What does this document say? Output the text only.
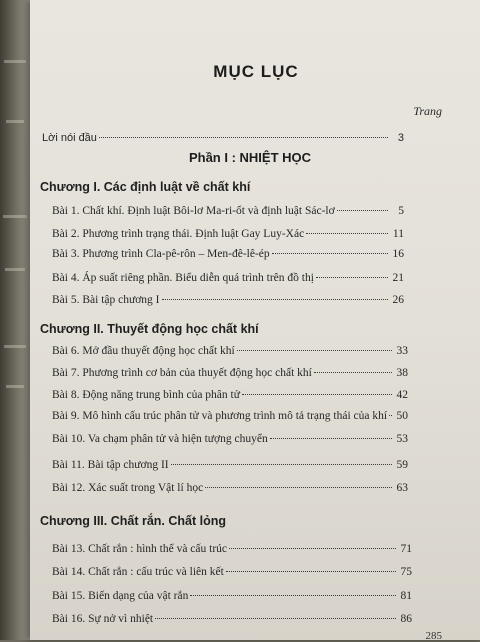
MỤC LỤC
Trang
Lời nói đầu	3
Phần I : NHIỆT HỌC
Chương I. Các định luật về chất khí
Bài 1. Chất khí. Định luật Bôi-lơ Ma-ri-ốt và định luật Sác-lơ	5
Bài 2. Phương trình trạng thái. Định luật Gay Luy-Xác	11
Bài 3. Phương trình Cla-pê-rôn – Men-đê-lê-ép	16
Bài 4. Áp suất riêng phần. Biểu diễn quá trình trên đồ thị	21
Bài 5. Bài tập chương I	26
Chương II. Thuyết động học chất khí
Bài 6. Mở đầu thuyết động học chất khí	33
Bài 7. Phương trình cơ bản của thuyết động học chất khí	38
Bài 8. Động năng trung bình của phân tử	42
Bài 9. Mô hình cấu trúc phân tử và phương trình mô tả trạng thái của khí 50
Bài 10. Va chạm phân tử và hiện tượng chuyển	53
Bài 11. Bài tập chương II	59
Bài 12. Xác suất trong Vật lí học	63
Chương III. Chất rắn. Chất lỏng
Bài 13. Chất rắn : hình thể và cấu trúc	71
Bài 14. Chất rắn : cấu trúc và liên kết	75
Bài 15. Biến dạng của vật rắn	81
Bài 16. Sự nở vì nhiệt	86
285
